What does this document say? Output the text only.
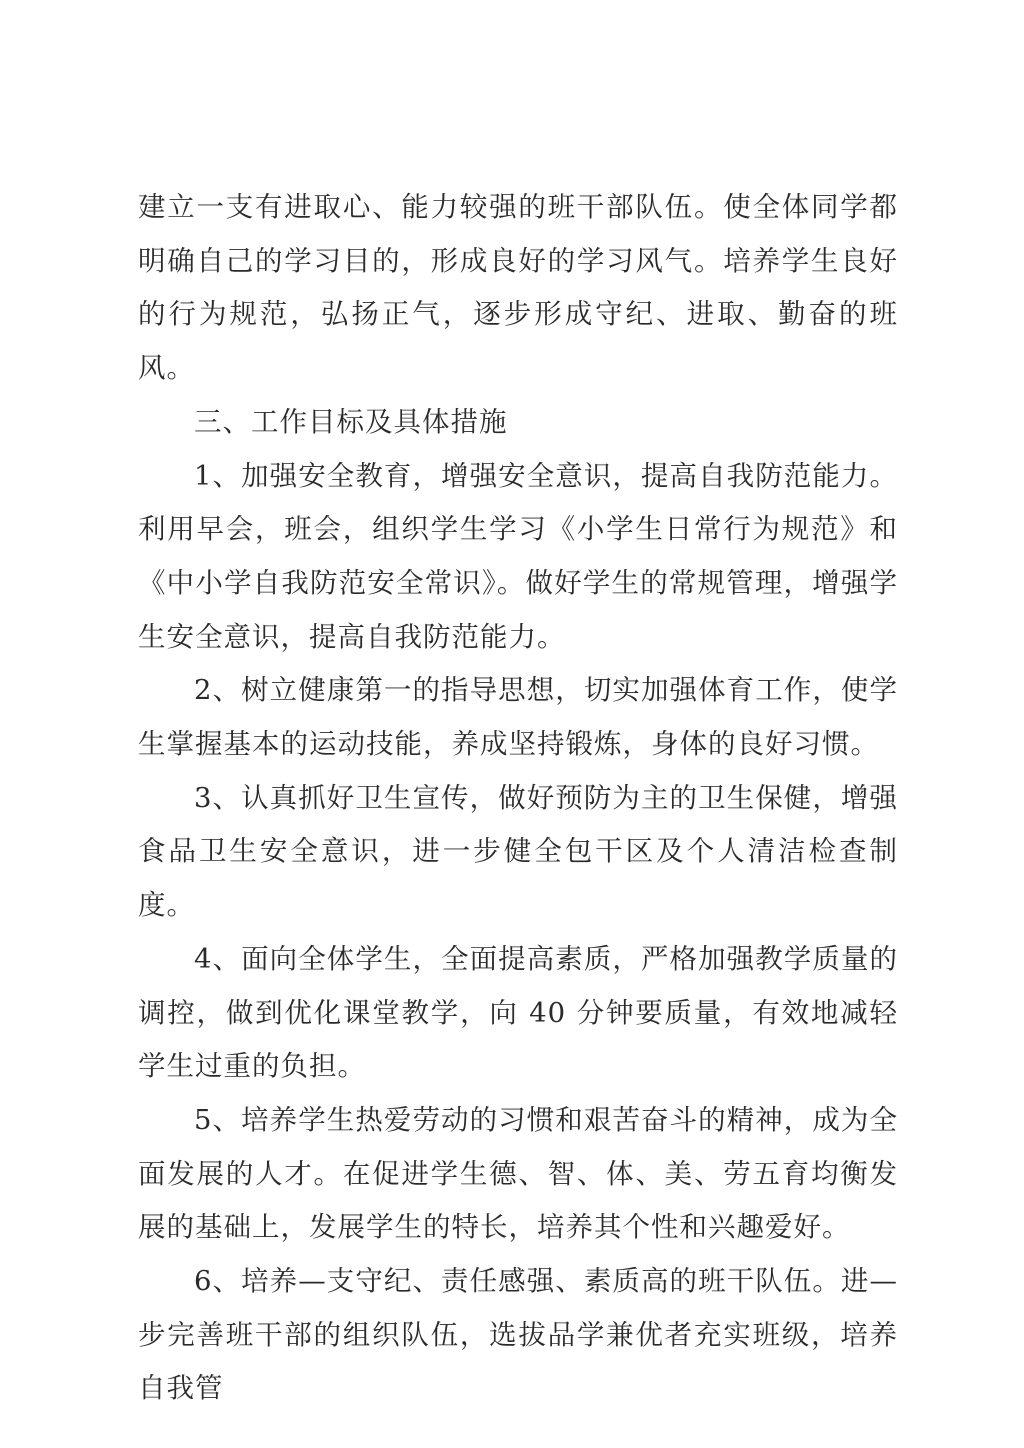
建立一支有进取心、能力较强的班干部队伍。使全体同学都明确自己的学习目的，形成良好的学习风气。培养学生良好的行为规范，弘扬正气，逐步形成守纪、进取、勤奋的班风。

三、工作目标及具体措施

1、加强安全教育，增强安全意识，提高自我防范能力。利用早会，班会，组织学生学习《小学生日常行为规范》和《中小学自我防范安全常识》。做好学生的常规管理，增强学生安全意识，提高自我防范能力。

2、树立健康第一的指导思想，切实加强体育工作，使学生掌握基本的运动技能，养成坚持锻炼，身体的良好习惯。

3、认真抓好卫生宣传，做好预防为主的卫生保健，增强食品卫生安全意识，进一步健全包干区及个人清洁检查制度。

4、面向全体学生，全面提高素质，严格加强教学质量的调控，做到优化课堂教学，向 40 分钟要质量，有效地减轻学生过重的负担。

5、培养学生热爱劳动的习惯和艰苦奋斗的精神，成为全面发展的人才。在促进学生德、智、体、美、劳五育均衡发展的基础上，发展学生的特长，培养其个性和兴趣爱好。

6、培养—支守纪、责任感强、素质高的班干队伍。进—步完善班干部的组织队伍，选拔品学兼优者充实班级，培养自我管
